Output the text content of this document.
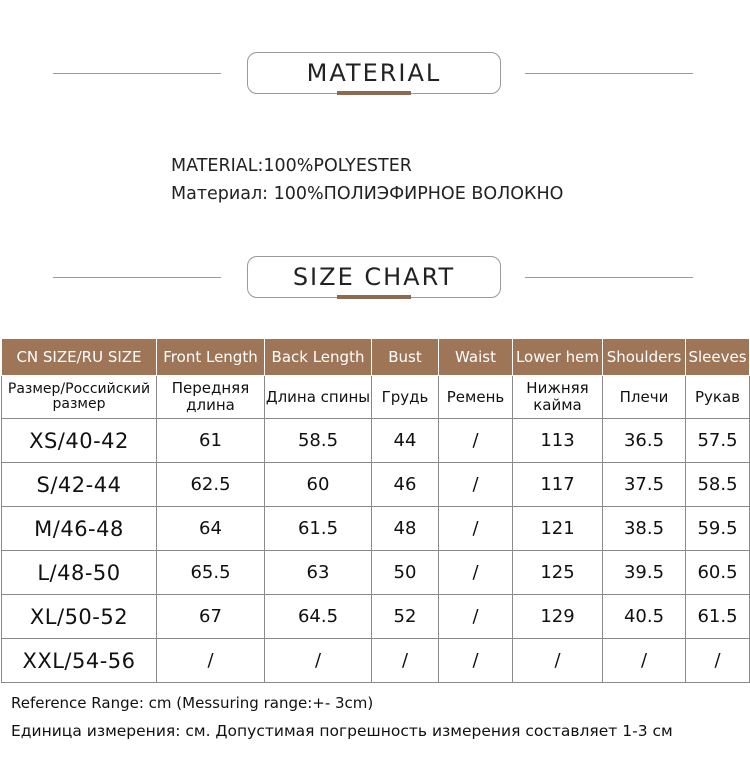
MATERIAL
MATERIAL:100%POLYESTER
Материал: 100%ПОЛИЭФИРНОЕ ВОЛОКНО
SIZE CHART
CN SIZE/RU SIZE	Front Length	Back Length	Bust	Waist	Lower hem	Shoulders	Sleeves
Размер/Российский размер	Передняя длина	Длина спины	Грудь	Ремень	Нижняя кайма	Плечи	Рукав
XS/40-42	61	58.5	44	/	113	36.5	57.5
S/42-44	62.5	60	46	/	117	37.5	58.5
M/46-48	64	61.5	48	/	121	38.5	59.5
L/48-50	65.5	63	50	/	125	39.5	60.5
XL/50-52	67	64.5	52	/	129	40.5	61.5
XXL/54-56	/	/	/	/	/	/	/
Reference Range: cm (Messuring range:+- 3cm)
Единица измерения: см. Допустимая погрешность измерения составляет 1-3 см
